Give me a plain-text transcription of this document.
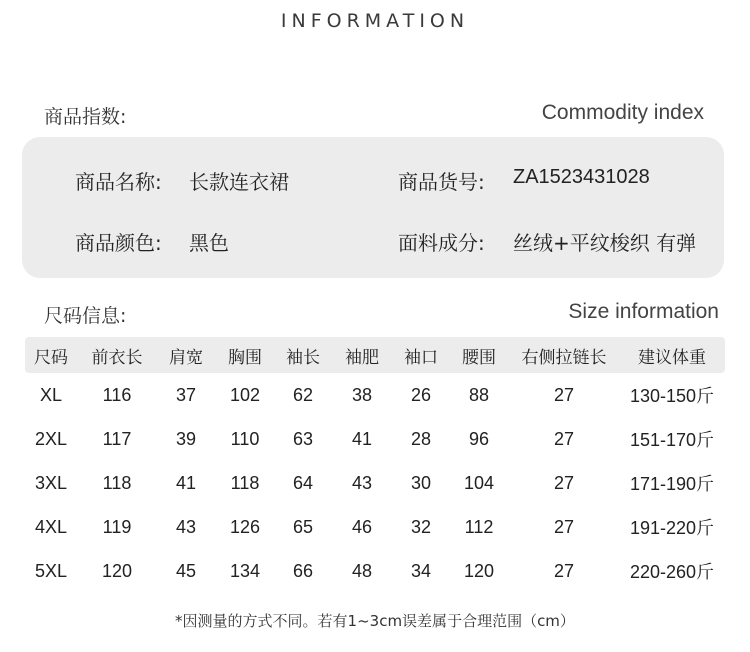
INFORMATION
商品指数:	Commodity index
商品名称: 长款连衣裙	商品货号: ZA1523431028
商品颜色: 黑色	面料成分: 丝绒+平纹梭织 有弹
尺码信息:	Size information
尺码	前衣长	肩宽	胸围	袖长	袖肥	袖口	腰围	右侧拉链长	建议体重
XL	116	37	102	62	38	26	88	27	130-150斤
2XL	117	39	110	63	41	28	96	27	151-170斤
3XL	118	41	118	64	43	30	104	27	171-190斤
4XL	119	43	126	65	46	32	112	27	191-220斤
5XL	120	45	134	66	48	34	120	27	220-260斤
*因测量的方式不同。若有1~3cm误差属于合理范围（cm）
